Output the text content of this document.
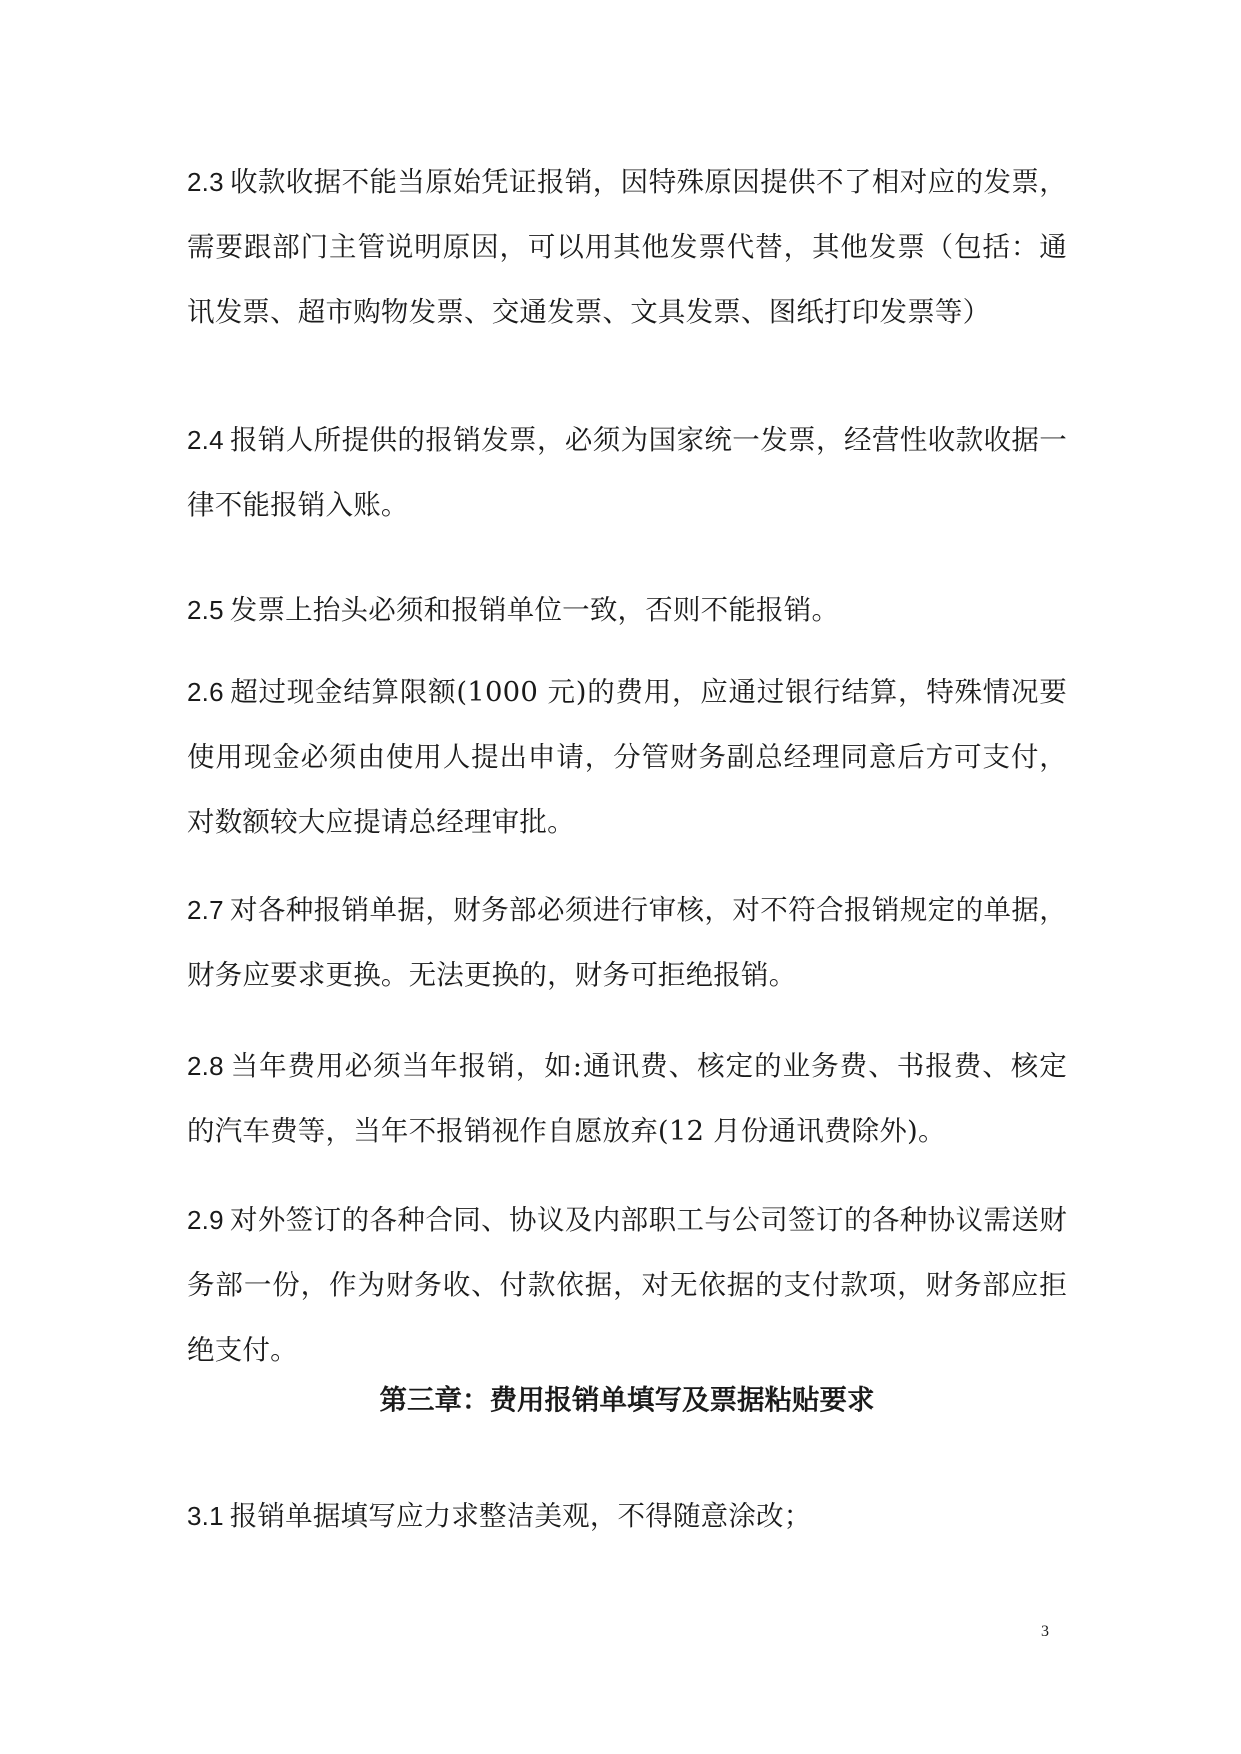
2.3 收款收据不能当原始凭证报销，因特殊原因提供不了相对应的发票，需要跟部门主管说明原因，可以用其他发票代替，其他发票（包括：通讯发票、超市购物发票、交通发票、文具发票、图纸打印发票等）

2.4 报销人所提供的报销发票，必须为国家统一发票，经营性收款收据一律不能报销入账。

2.5 发票上抬头必须和报销单位一致，否则不能报销。

2.6 超过现金结算限额(1000 元)的费用，应通过银行结算，特殊情况要使用现金必须由使用人提出申请，分管财务副总经理同意后方可支付，对数额较大应提请总经理审批。

2.7 对各种报销单据，财务部必须进行审核，对不符合报销规定的单据，财务应要求更换。无法更换的，财务可拒绝报销。

2.8 当年费用必须当年报销，如:通讯费、核定的业务费、书报费、核定的汽车费等，当年不报销视作自愿放弃(12 月份通讯费除外)。

2.9 对外签订的各种合同、协议及内部职工与公司签订的各种协议需送财务部一份，作为财务收、付款依据，对无依据的支付款项，财务部应拒绝支付。

第三章：费用报销单填写及票据粘贴要求

3.1 报销单据填写应力求整洁美观，不得随意涂改；

3
